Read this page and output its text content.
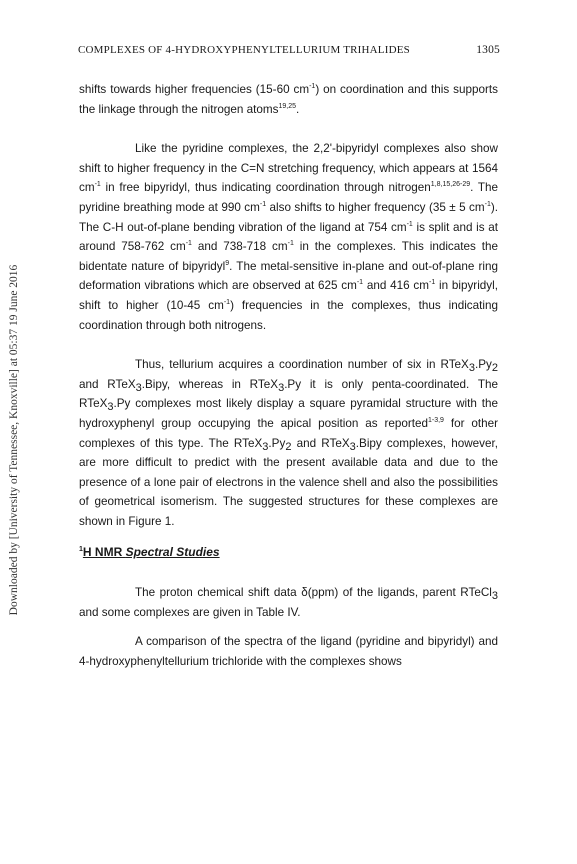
Downloaded by [University of Tennessee, Knoxville] at 05:37 19 June 2016
COMPLEXES OF 4-HYDROXYPHENYLTELLURIUM TRIHALIDES	1305

shifts towards higher frequencies (15-60 $cm^{-1}$) on coordination and this supports the linkage through the nitrogen atoms$^{19,25}$.

Like the pyridine complexes, the 2,2'-bipyridyl complexes also show shift to higher frequency in the C=N stretching frequency, which appears at 1564 $cm^{-1}$ in free bipyridyl, thus indicating coordination through nitrogen$^{1,8,15,26-29}$. The pyridine breathing mode at 990 $cm^{-1}$ also shifts to higher frequency (35 ± 5 $cm^{-1}$). The C-H out-of-plane bending vibration of the ligand at 754 $cm^{-1}$ is split and is at around 758-762 $cm^{-1}$ and 738-718 $cm^{-1}$ in the complexes. This indicates the bidentate nature of bipyridyl$^9$. The metal-sensitive in-plane and out-of-plane ring deformation vibrations which are observed at 625 $cm^{-1}$ and 416 $cm^{-1}$ in bipyridyl, shift to higher (10-45 $cm^{-1}$) frequencies in the complexes, thus indicating coordination through both nitrogens.

Thus, tellurium acquires a coordination number of six in $RTeX_3.Py_2$ and RTeX$_3$.Bipy, whereas in RTeX$_3$.Py it is only penta-coordinated. The RTeX$_3$.Py complexes most likely display a square pyramidal structure with the hydroxyphenyl group occupying the apical position as reported$^{1-3,9}$ for other complexes of this type. The $RTeX_3.Py_2$ and RTeX$_3$.Bipy complexes, however, are more difficult to predict with the present available data and due to the presence of a lone pair of electrons in the valence shell and also the possibilities of geometrical isomerism. The suggested structures for these complexes are shown in Figure 1.

$^1$H NMR Spectral Studies

The proton chemical shift data δ(ppm) of the ligands, parent RTeCl$_3$ and some complexes are given in Table IV.

A comparison of the spectra of the ligand (pyridine and bipyridyl) and 4-hydroxyphenyltellurium trichloride with the complexes shows
